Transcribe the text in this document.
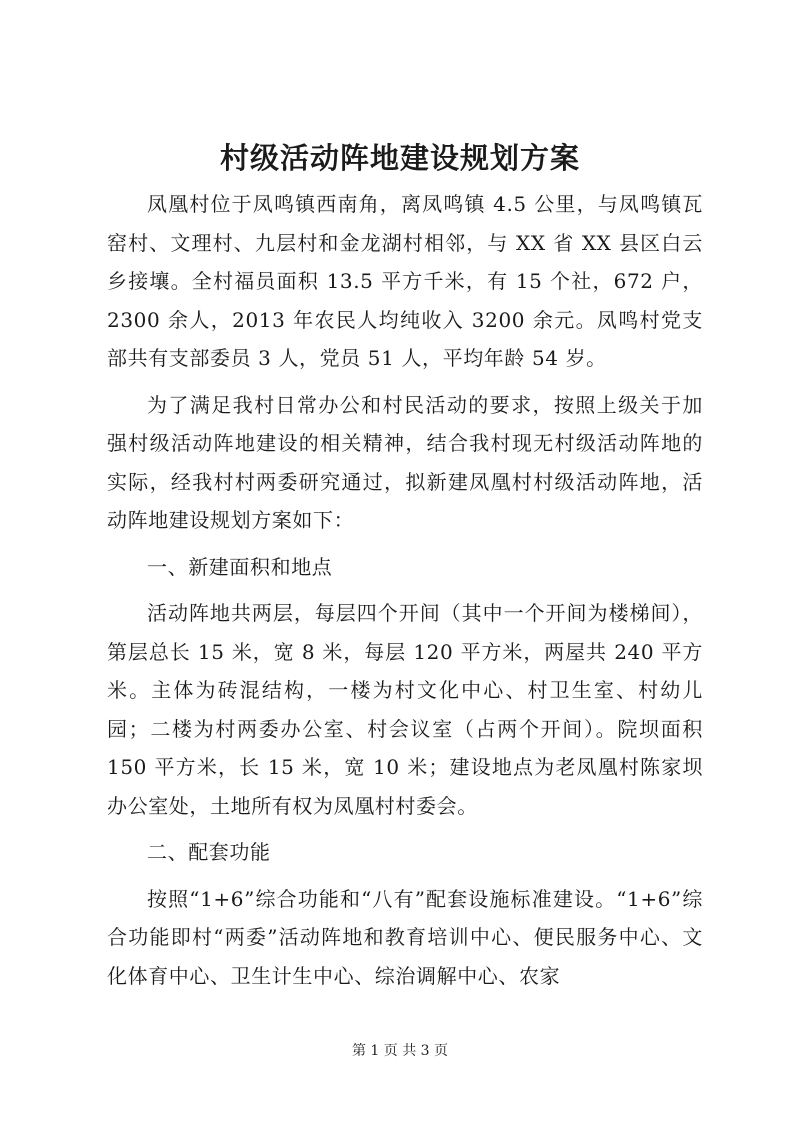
村级活动阵地建设规划方案

凤凰村位于凤鸣镇西南角，离凤鸣镇 4.5 公里，与凤鸣镇瓦窑村、文理村、九层村和金龙湖村相邻，与 XX 省 XX 县区白云乡接壤。全村福员面积 13.5 平方千米，有 15 个社，672 户，2300 余人，2013 年农民人均纯收入 3200 余元。凤鸣村党支部共有支部委员 3 人，党员 51 人，平均年龄 54 岁。

为了满足我村日常办公和村民活动的要求，按照上级关于加强村级活动阵地建设的相关精神，结合我村现无村级活动阵地的实际，经我村村两委研究通过，拟新建凤凰村村级活动阵地，活动阵地建设规划方案如下：

一、新建面积和地点

活动阵地共两层，每层四个开间（其中一个开间为楼梯间），第层总长 15 米，宽 8 米，每层 120 平方米，两屋共 240 平方米。主体为砖混结构，一楼为村文化中心、村卫生室、村幼儿园；二楼为村两委办公室、村会议室（占两个开间）。院坝面积 150 平方米，长 15 米，宽 10 米；建设地点为老凤凰村陈家坝办公室处，土地所有权为凤凰村村委会。

二、配套功能

按照“1+6”综合功能和“八有”配套设施标准建设。“1+6”综合功能即村“两委”活动阵地和教育培训中心、便民服务中心、文化体育中心、卫生计生中心、综治调解中心、农家

第 1 页 共 3 页
